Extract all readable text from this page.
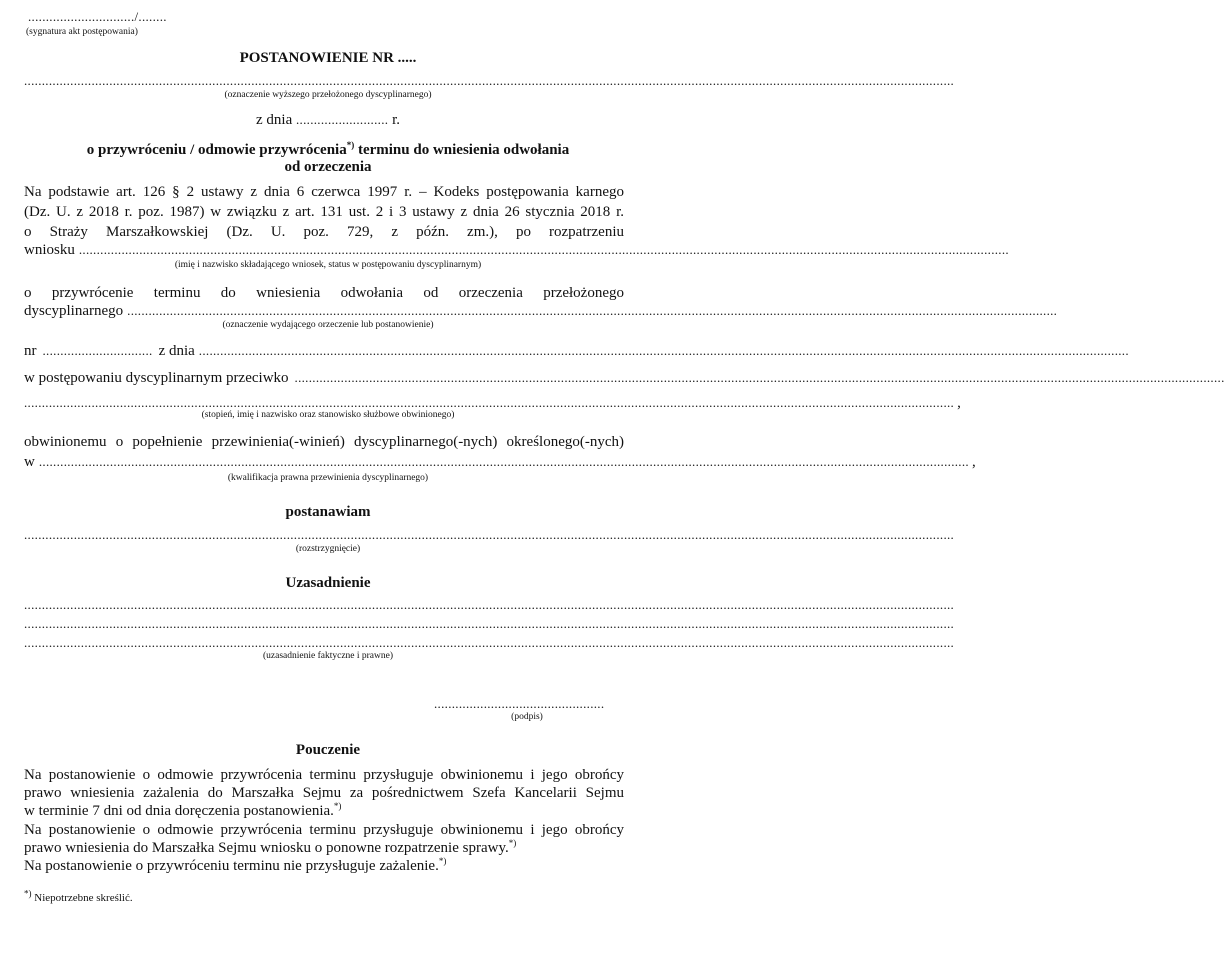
............................../........
(sygnatura akt postępowania)
POSTANOWIENIE NR .....
......................................................................................................................................................................................................................................................................
(oznaczenie wyższego przełożonego dyscyplinarnego)
z dnia .......................... r.
o przywróceniu / odmowie przywrócenia*) terminu do wniesienia odwołania
od orzeczenia
Na podstawie art. 126 § 2 ustawy z dnia 6 czerwca 1997 r. – Kodeks postępowania karnego
(Dz. U. z 2018 r. poz. 1987) w związku z art. 131 ust. 2 i 3 ustawy z dnia 26 stycznia 2018 r.
o Straży Marszałkowskiej (Dz. U. poz. 729, z późn. zm.), po rozpatrzeniu
wniosku ......................................................................................................................................................................................................................................................................
(imię i nazwisko składającego wniosek, status w postępowaniu dyscyplinarnym)
o przywrócenie terminu do wniesienia odwołania od orzeczenia przełożonego
dyscyplinarnego ......................................................................................................................................................................................................................................................................
(oznaczenie wydającego orzeczenie lub postanowienie)
nr ............................... z dnia ......................................................................................................................................................................................................................................................................
w postępowaniu dyscyplinarnym przeciwko ......................................................................................................................................................................................................................................................................
...................................................................................................................................................................................................................................................................... ,
(stopień, imię i nazwisko oraz stanowisko służbowe obwinionego)
obwinionemu o popełnienie przewinienia(-winień) dyscyplinarnego(-nych) określonego(-nych)
w ...................................................................................................................................................................................................................................................................... ,
(kwalifikacja prawna przewinienia dyscyplinarnego)
postanawiam
......................................................................................................................................................................................................................................................................
(rozstrzygnięcie)
Uzasadnienie
......................................................................................................................................................................................................................................................................
......................................................................................................................................................................................................................................................................
......................................................................................................................................................................................................................................................................
(uzasadnienie faktyczne i prawne)
................................................
(podpis)
Pouczenie
Na postanowienie o odmowie przywrócenia terminu przysługuje obwinionemu i jego obrońcy
prawo wniesienia zażalenia do Marszałka Sejmu za pośrednictwem Szefa Kancelarii Sejmu
w terminie 7 dni od dnia doręczenia postanowienia.*)
Na postanowienie o odmowie przywrócenia terminu przysługuje obwinionemu i jego obrońcy
prawo wniesienia do Marszałka Sejmu wniosku o ponowne rozpatrzenie sprawy.*)
Na postanowienie o przywróceniu terminu nie przysługuje zażalenie.*)
*) Niepotrzebne skreślić.
